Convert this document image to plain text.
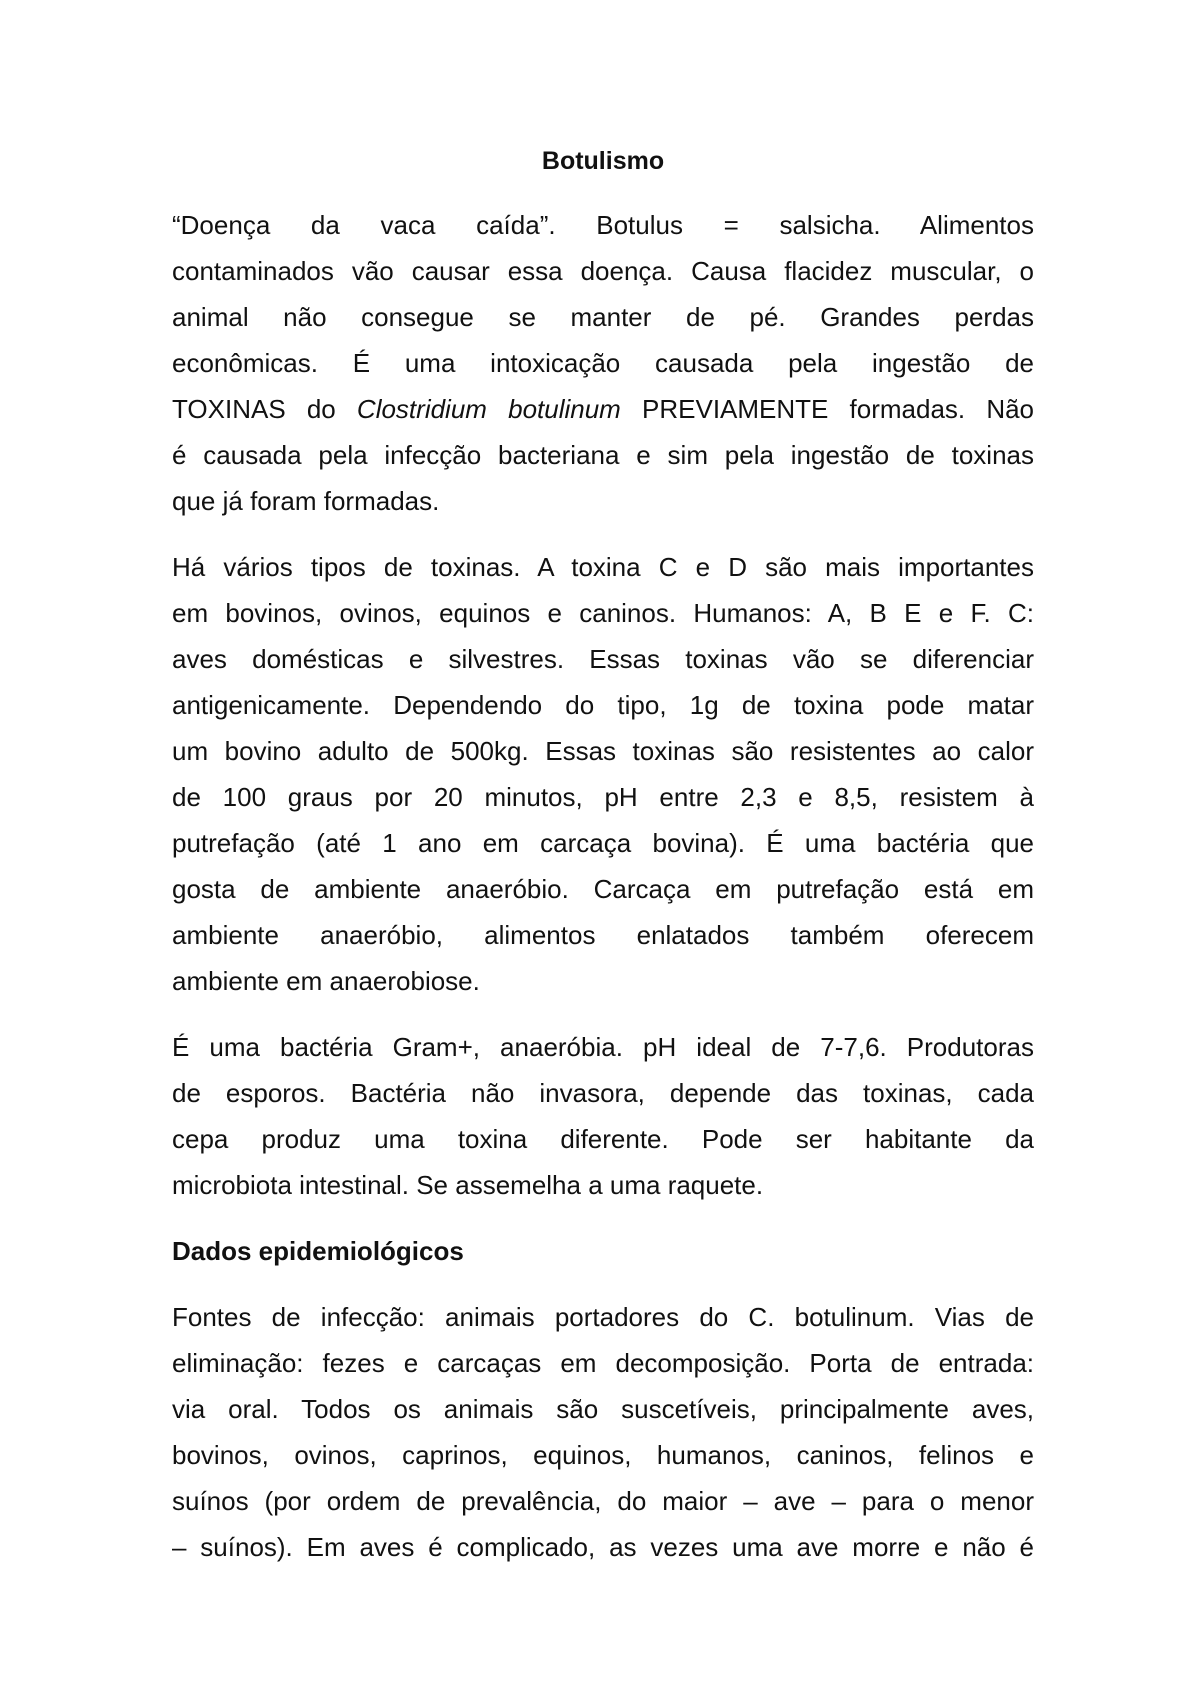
Botulismo
“Doença da vaca caída”. Botulus = salsicha. Alimentos
contaminados vão causar essa doença. Causa flacidez muscular, o
animal não consegue se manter de pé. Grandes perdas
econômicas. É uma intoxicação causada pela ingestão de
TOXINAS do Clostridium botulinum PREVIAMENTE formadas. Não
é causada pela infecção bacteriana e sim pela ingestão de toxinas
que já foram formadas.
Há vários tipos de toxinas. A toxina C e D são mais importantes
em bovinos, ovinos, equinos e caninos. Humanos: A, B E e F. C:
aves domésticas e silvestres. Essas toxinas vão se diferenciar
antigenicamente. Dependendo do tipo, 1g de toxina pode matar
um bovino adulto de 500kg. Essas toxinas são resistentes ao calor
de 100 graus por 20 minutos, pH entre 2,3 e 8,5, resistem à
putrefação (até 1 ano em carcaça bovina). É uma bactéria que
gosta de ambiente anaeróbio. Carcaça em putrefação está em
ambiente anaeróbio, alimentos enlatados também oferecem
ambiente em anaerobiose.
É uma bactéria Gram+, anaeróbia. pH ideal de 7-7,6. Produtoras
de esporos. Bactéria não invasora, depende das toxinas, cada
cepa produz uma toxina diferente. Pode ser habitante da
microbiota intestinal. Se assemelha a uma raquete.
Dados epidemiológicos
Fontes de infecção: animais portadores do C. botulinum. Vias de
eliminação: fezes e carcaças em decomposição. Porta de entrada:
via oral. Todos os animais são suscetíveis, principalmente aves,
bovinos, ovinos, caprinos, equinos, humanos, caninos, felinos e
suínos (por ordem de prevalência, do maior – ave – para o menor
– suínos). Em aves é complicado, as vezes uma ave morre e não é
